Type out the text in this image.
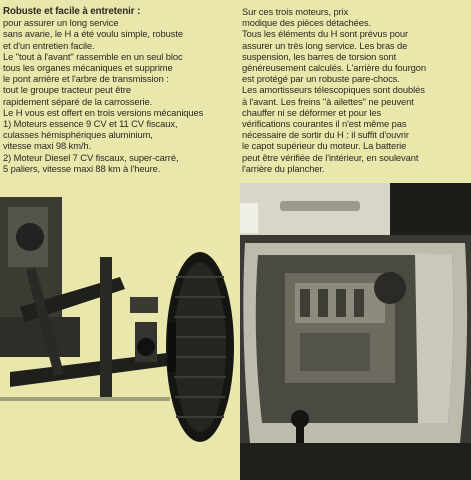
Robuste et facile à entretenir :

pour assurer un long service
sans avarie, le H a été voulu simple, robuste
et d'un entretien facile.
Le "tout à l'avant" rassemble en un seul bloc
tous les organes mécaniques et supprime
le pont arrière et l'arbre de transmission :
tout le groupe tracteur peut être
rapidement séparé de la carrosserie.
Le H vous est offert en trois versions mécaniques
1) Moteurs essence 9 CV et 11 CV fiscaux,
culasses hémisphériques aluminium,
vitesse maxi 98 km/h.
2) Moteur Diesel 7 CV fiscaux, super-carré,
5 paliers, vitesse maxi 88 km à l'heure.

Sur ces trois moteurs, prix
modique des pièces détachées.
Tous les éléments du H sont prévus pour
assurer un très long service. Les bras de
suspension, les barres de torsion sont
généreusement calculés. L'arrière du fourgon
est protégé par un robuste pare-chocs.
Les amortisseurs télescopiques sont doublés
à l'avant. Les freins "à ailettes" ne peuvent
chauffer ni se déformer et pour les
vérifications courantes il n'est même pas
nécessaire de sortir du H : il suffit d'ouvrir
le capot supérieur du moteur. La batterie
peut être vérifiée de l'intérieur, en soulevant
l'arrière du plancher.
